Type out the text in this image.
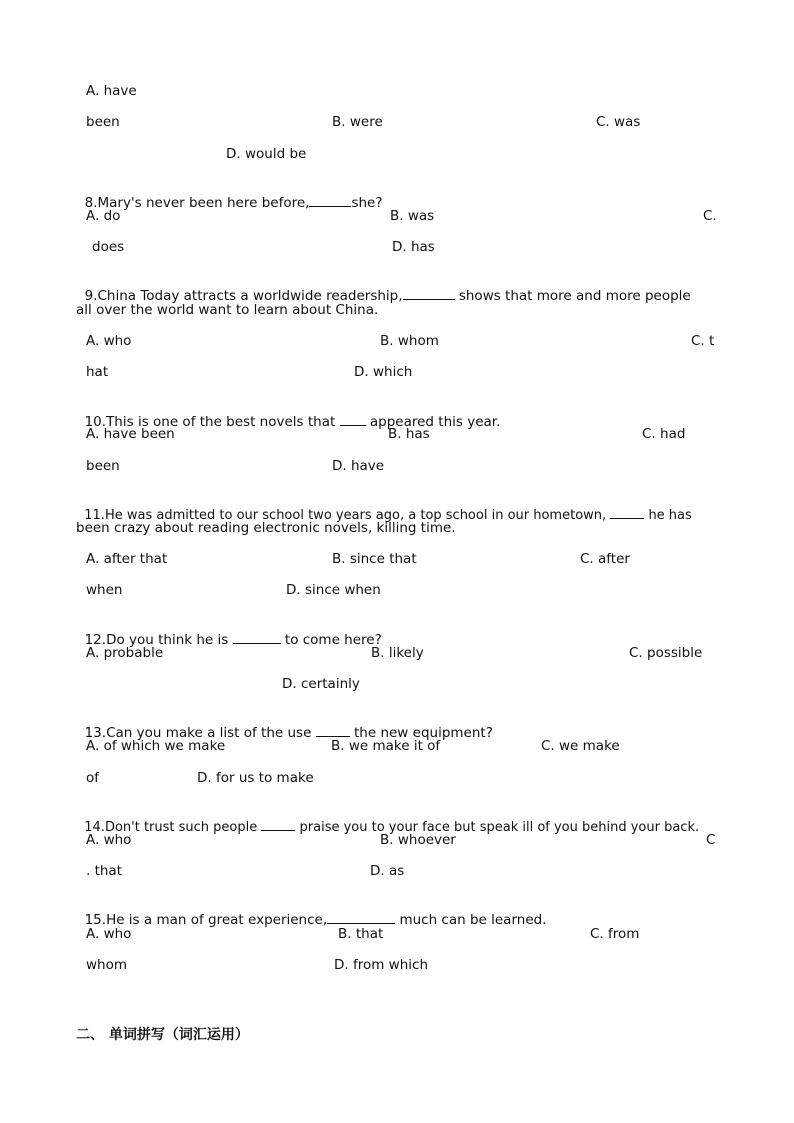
A. have
been	B. were	C. was
D. would be

8.Mary's never been here before,	she?

A. do	B. was	C.
does	D. has

9.China Today attracts a worldwide readership,	shows that more and more people

all over the world want to learn about China.
A. who	B. whom	C. t
hat	D. which

10.This is one of the best novels that	appeared this year.

A. have been	B. has	C. had
been	D. have

11.He was admitted to our school two years ago, a top school in our hometown,	he has

been crazy about reading electronic novels, killing time.
A. after that	B. since that	C. after
when	D. since when

12.Do you think he is	to come here?

A. probable	B. likely	C. possible
D. certainly

13.Can you make a list of the use	the new equipment?

A. of which we make	B. we make it of	C. we make
of	D. for us to make

14.Don't trust such people	praise you to your face but speak ill of you behind your back.

A. who	B. whoever	C
. that	D. as

15.He is a man of great experience,	much can be learned.

A. who	B. that	C. from
whom	D. from which
二、 单词拼写（词汇运用）
